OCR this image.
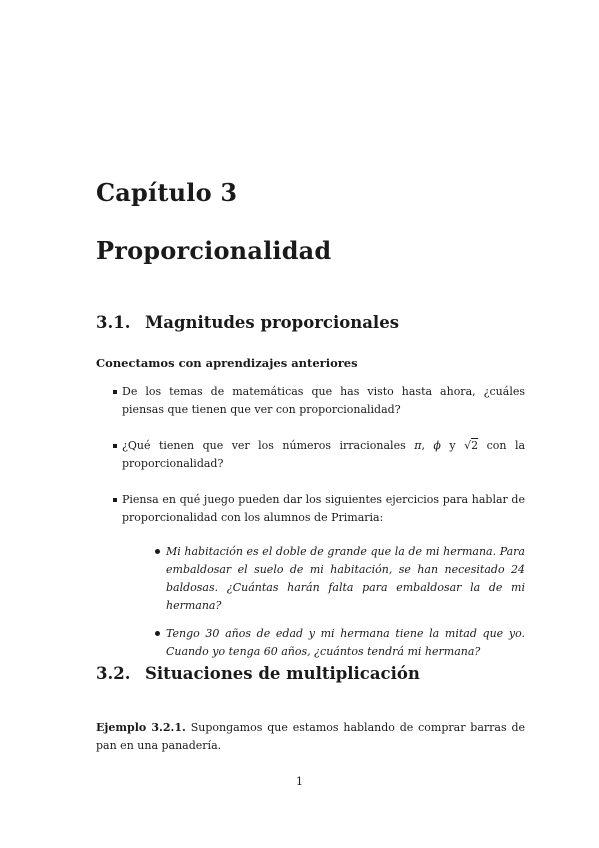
Capítulo 3
Proporcionalidad
3.1. Magnitudes proporcionales
Conectamos con aprendizajes anteriores
De los temas de matemáticas que has visto hasta ahora, ¿cuáles piensas que tienen que ver con proporcionalidad?
¿Qué tienen que ver los números irracionales π, ϕ y √2 con la proporcionalidad?
Piensa en qué juego pueden dar los siguientes ejercicios para hablar de proporcionalidad con los alumnos de Primaria:
Mi habitación es el doble de grande que la de mi hermana. Para embaldosar el suelo de mi habitación, se han necesitado 24 baldosas. ¿Cuántas harán falta para embaldosar la de mi hermana?
Tengo 30 años de edad y mi hermana tiene la mitad que yo. Cuando yo tenga 60 años, ¿cuántos tendrá mi hermana?
3.2. Situaciones de multiplicación
Ejemplo 3.2.1. Supongamos que estamos hablando de comprar barras de pan en una panadería.
1
